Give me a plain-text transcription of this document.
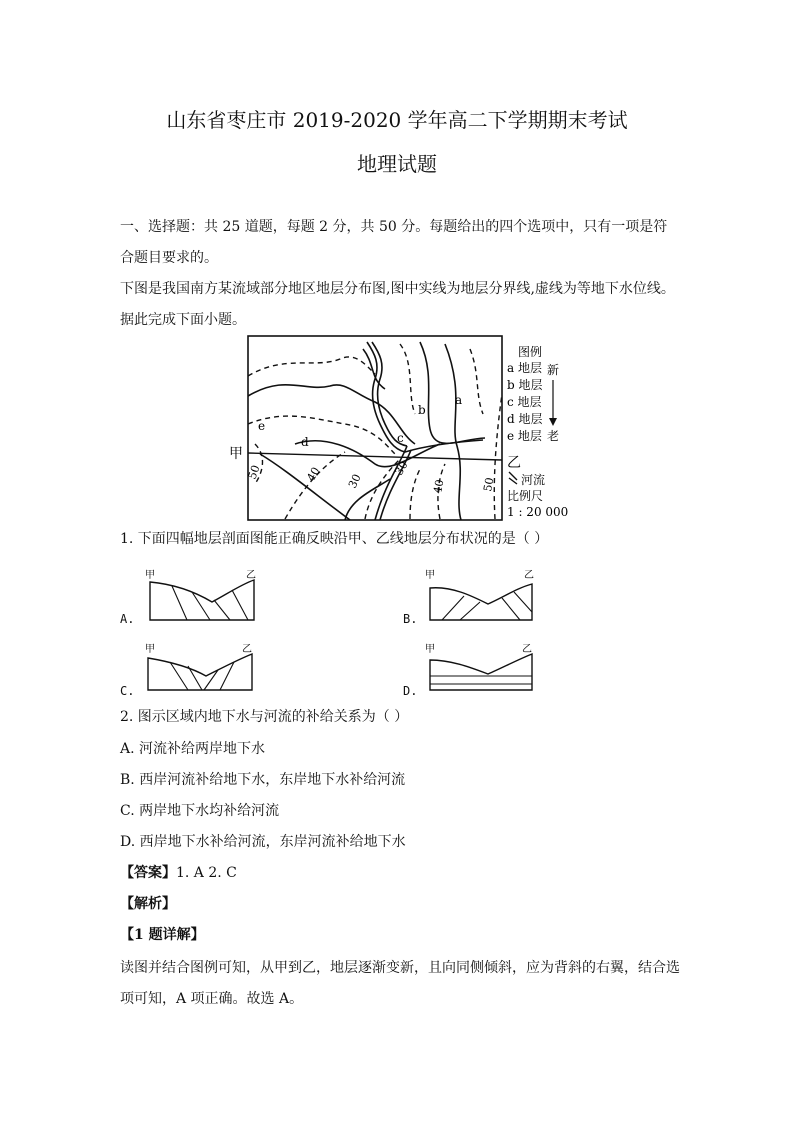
山东省枣庄市 2019-2020 学年高二下学期期末考试
地理试题
一、选择题：共 25 道题，每题 2 分，共 50 分。每题给出的四个选项中，只有一项是符合题目要求的。
下图是我国南方某流域部分地区地层分布图,图中实线为地层分界线,虚线为等地下水位线。据此完成下面小题。
甲
乙
a
b
c
d
e
50	40 30
30
40	50
图例
a 地层
b 地层
c 地层
d 地层
e 地层
新
老
河流
比例尺
1 : 20 000
1. 下面四幅地层剖面图能正确反映沿甲、乙线地层分布状况的是（ ）
A.
甲	乙
B.
甲	乙
C.
甲	乙
D.
甲	乙
2. 图示区域内地下水与河流的补给关系为（ ）
A. 河流补给两岸地下水
B. 西岸河流补给地下水，东岸地下水补给河流
C. 两岸地下水均补给河流
D. 西岸地下水补给河流，东岸河流补给地下水
【答案】1. A 2. C
【解析】
【1 题详解】
读图并结合图例可知，从甲到乙，地层逐渐变新，且向同侧倾斜，应为背斜的右翼，结合选项可知，A 项正确。故选 A。
